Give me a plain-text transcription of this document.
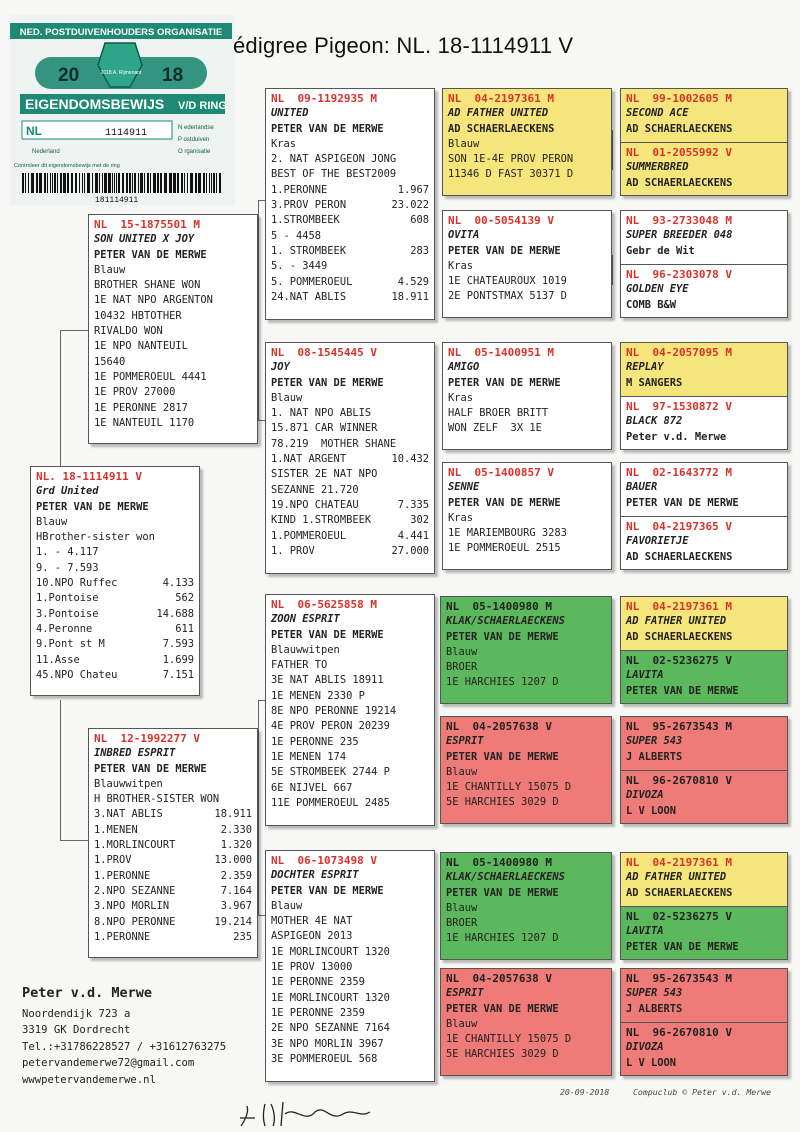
NED. POSTDUIVENHOUDERS ORGANISATIE
20	18
2018 A. Rijmenant
EIGENDOMSBEWIJS V/D RING
NL	1114911	N ederlandse
P ostduiven
O rganisatie
Nederland
Controleer dit eigendomsbewijs met de ring
181114911
édigree Pigeon: NL. 18-1114911 V
NL. 18-1114911 V
Grd United
PETER VAN DE MERWE
Blauw
HBrother-sister won
1. - 4.117
9. - 7.593
10.NPO Ruffec	4.133
1.Pontoise	562
3.Pontoise	14.688
4.Peronne	611
9.Pont st M	7.593
11.Asse	1.699
45.NPO Chateu	7.151
NL  15-1875501 M
SON UNITED X JOY
PETER VAN DE MERWE
Blauw
BROTHER SHANE WON
1E NAT NPO ARGENTON
10432 HBTOTHER
RIVALDO WON
1E NPO NANTEUIL
15640
1E POMMEROEUL 4441
1E PROV 27000
1E PERONNE 2817
1E NANTEUIL 1170
NL  12-1992277 V
INBRED ESPRIT
PETER VAN DE MERWE
Blauwwitpen
H BROTHER-SISTER WON
3.NAT ABLIS	18.911
1.MENEN	2.330
1.MORLINCOURT	1.320
1.PROV	13.000
1.PERONNE	2.359
2.NPO SEZANNE	7.164
3.NPO MORLIN	3.967
8.NPO PERONNE	19.214
1.PERONNE	235
NL  09-1192935 M
UNITED
PETER VAN DE MERWE
Kras
2. NAT ASPIGEON JONG
BEST OF THE BEST2009
1.PERONNE	1.967
3.PROV PERON	23.022
1.STROMBEEK	608
5 - 4458
1. STROMBEEK	283
5. - 3449
5. POMMEROEUL	4.529
24.NAT ABLIS	18.911
NL  08-1545445 V
JOY
PETER VAN DE MERWE
Blauw
1. NAT NPO ABLIS
15.871 CAR WINNER
78.219  MOTHER SHANE
1.NAT ARGENT	10.432
SISTER 2E NAT NPO
SEZANNE 21.720
19.NPO CHATEAU	7.335
KIND 1.STROMBEEK	302
1.POMMEROEUL	4.441
1. PROV	27.000
NL  06-5625858 M
ZOON ESPRIT
PETER VAN DE MERWE
Blauwwitpen
FATHER TO
3E NAT ABLIS 18911
1E MENEN 2330 P
8E NPO PERONNE 19214
4E PROV PERON 20239
1E PERONNE 235
1E MENEN 174
5E STROMBEEK 2744 P
6E NIJVEL 667
11E POMMEROEUL 2485
NL  06-1073498 V
DOCHTER ESPRIT
PETER VAN DE MERWE
Blauw
MOTHER 4E NAT
ASPIGEON 2013
1E MORLINCOURT 1320
1E PROV 13000
1E PERONNE 2359
1E MORLINCOURT 1320
1E PERONNE 2359
2E NPO SEZANNE 7164
3E NPO MORLIN 3967
3E POMMEROEUL 568
NL  04-2197361 M
AD FATHER UNITED
AD SCHAERLAECKENS
Blauw
SON 1E-4E PROV PERON
11346 D FAST 30371 D
NL  00-5054139 V
OVITA
PETER VAN DE MERWE
Kras
1E CHATEAUROUX 1019
2E PONTSTMAX 5137 D
NL  05-1400951 M
AMIGO
PETER VAN DE MERWE
Kras
HALF BROER BRITT
WON ZELF  3X 1E
NL  05-1400857 V
SENNE
PETER VAN DE MERWE
Kras
1E MARIEMBOURG 3283
1E POMMEROEUL 2515
NL  05-1400980 M
KLAK/SCHAERLAECKENS
PETER VAN DE MERWE
Blauw
BROER
1E HARCHIES 1207 D
NL  04-2057638 V
ESPRIT
PETER VAN DE MERWE
Blauw
1E CHANTILLY 15075 D
5E HARCHIES 3029 D
NL  05-1400980 M
KLAK/SCHAERLAECKENS
PETER VAN DE MERWE
Blauw
BROER
1E HARCHIES 1207 D
NL  04-2057638 V
ESPRIT
PETER VAN DE MERWE
Blauw
1E CHANTILLY 15075 D
5E HARCHIES 3029 D
NL  99-1002605 M
SECOND ACE
AD SCHAERLAECKENS
NL  01-2055992 V
SUMMERBRED
AD SCHAERLAECKENS
NL  93-2733048 M
SUPER BREEDER 048
Gebr de Wit
NL  96-2303078 V
GOLDEN EYE
COMB B&W
NL  04-2057095 M
REPLAY
M SANGERS
NL  97-1530872 V
BLACK 872
Peter v.d. Merwe
NL  02-1643772 M
BAUER
PETER VAN DE MERWE
NL  04-2197365 V
FAVORIETJE
AD SCHAERLAECKENS
NL  04-2197361 M
AD FATHER UNITED
AD SCHAERLAECKENS
NL  02-5236275 V
LAVITA
PETER VAN DE MERWE
NL  95-2673543 M
SUPER 543
J ALBERTS
NL  96-2670810 V
DIVOZA
L V LOON
NL  04-2197361 M
AD FATHER UNITED
AD SCHAERLAECKENS
NL  02-5236275 V
LAVITA
PETER VAN DE MERWE
NL  95-2673543 M
SUPER 543
J ALBERTS
NL  96-2670810 V
DIVOZA
L V LOON
Peter v.d. Merwe
Noordendijk 723 a
3319 GK Dordrecht
Tel.:+31786228527 / +31612763275
petervandemerwe72@gmail.com
wwwpetervandemerwe.nl
20-09-2018	Compuclub © Peter v.d. Merwe
